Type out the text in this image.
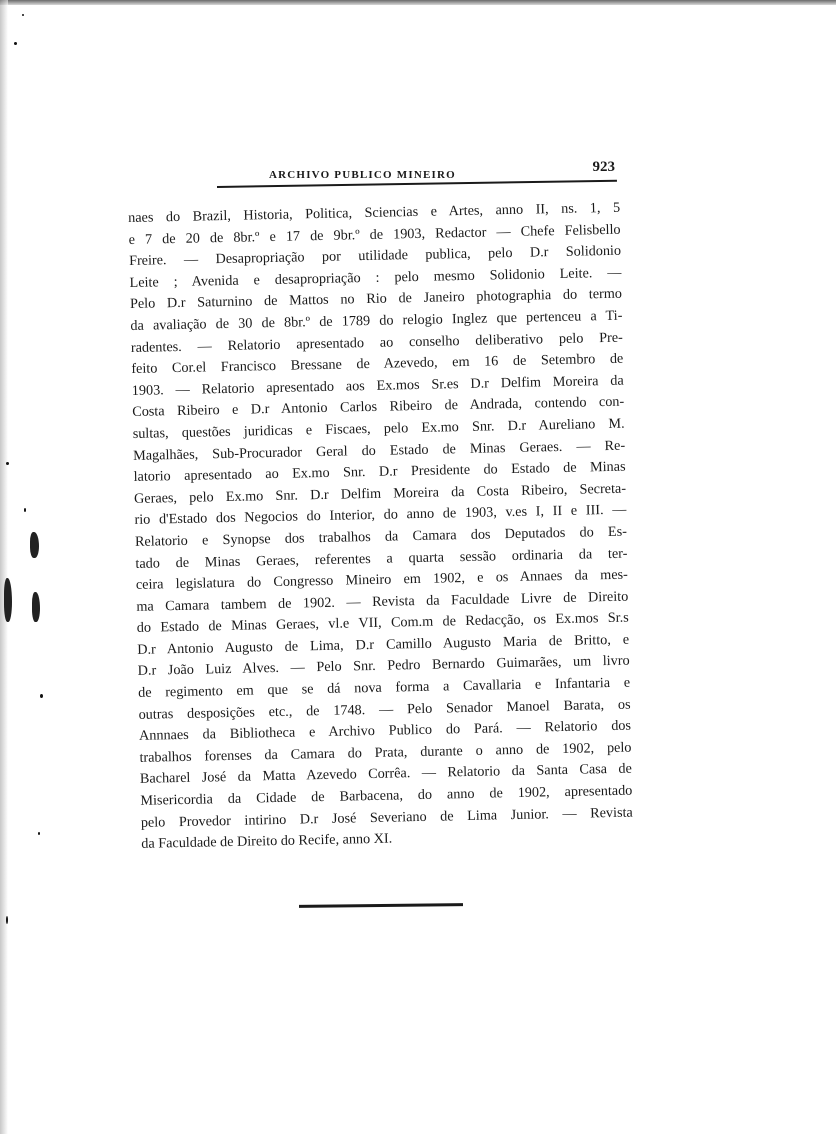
ARCHIVO PUBLICO MINEIRO	923
naes do Brazil, Historia, Politica, Sciencias e Artes, anno II, ns. 1, 5
e 7 de 20 de 8br.º e 17 de 9br.º de 1903, Redactor — Chefe Felisbello
Freire. — Desapropriação por utilidade publica, pelo D.r Solidonio
Leite ; Avenida e desapropriação : pelo mesmo Solidonio Leite. —
Pelo D.r Saturnino de Mattos no Rio de Janeiro photographia do termo
da avaliação de 30 de 8br.º de 1789 do relogio Inglez que pertenceu a Ti-
radentes. — Relatorio apresentado ao conselho deliberativo pelo Pre-
feito Cor.el Francisco Bressane de Azevedo, em 16 de Setembro de
1903. — Relatorio apresentado aos Ex.mos Sr.es D.r Delfim Moreira da
Costa Ribeiro e D.r Antonio Carlos Ribeiro de Andrada, contendo con-
sultas, questões juridicas e Fiscaes, pelo Ex.mo Snr. D.r Aureliano M.
Magalhães, Sub-Procurador Geral do Estado de Minas Geraes. — Re-
latorio apresentado ao Ex.mo Snr. D.r Presidente do Estado de Minas
Geraes, pelo Ex.mo Snr. D.r Delfim Moreira da Costa Ribeiro, Secreta-
rio d'Estado dos Negocios do Interior, do anno de 1903, v.es I, II e III. —
Relatorio e Synopse dos trabalhos da Camara dos Deputados do Es-
tado de Minas Geraes, referentes a quarta sessão ordinaria da ter-
ceira legislatura do Congresso Mineiro em 1902, e os Annaes da mes-
ma Camara tambem de 1902. — Revista da Faculdade Livre de Direito
do Estado de Minas Geraes, vl.e VII, Com.m de Redacção, os Ex.mos Sr.s
D.r Antonio Augusto de Lima, D.r Camillo Augusto Maria de Britto, e
D.r João Luiz Alves. — Pelo Snr. Pedro Bernardo Guimarães, um livro
de regimento em que se dá nova forma a Cavallaria e Infantaria e
outras desposições etc., de 1748. — Pelo Senador Manoel Barata, os
Annnaes da Bibliotheca e Archivo Publico do Pará. — Relatorio dos
trabalhos forenses da Camara do Prata, durante o anno de 1902, pelo
Bacharel José da Matta Azevedo Corrêa. — Relatorio da Santa Casa de
Misericordia da Cidade de Barbacena, do anno de 1902, apresentado
pelo Provedor intirino D.r José Severiano de Lima Junior. — Revista
da Faculdade de Direito do Recife, anno XI.
